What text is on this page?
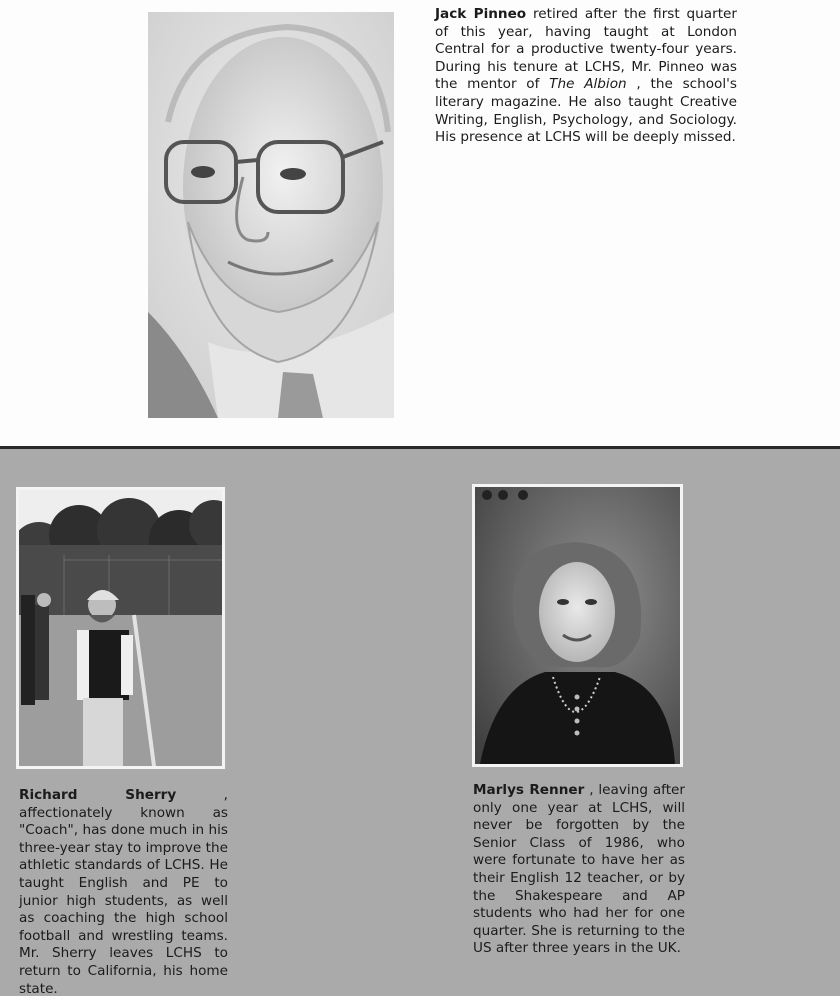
Jack Pinneo retired after the first quarter of this year, having taught at London Central for a productive twenty-four years. During his tenure at LCHS, Mr. Pinneo was the mentor of The Albion , the school's literary magazine. He also taught Creative Writing, English, Psychology, and Sociology. His presence at LCHS will be deeply missed.

Richard Sherry , affectionately known as "Coach", has done much in his three-year stay to improve the athletic standards of LCHS. He taught English and PE to junior high students, as well as coaching the high school football and wrestling teams. Mr. Sherry leaves LCHS to return to California, his home state.

Marlys Renner , leaving after only one year at LCHS, will never be forgotten by the Senior Class of 1986, who were fortunate to have her as their English 12 teacher, or by the Shakespeare and AP students who had her for one quarter. She is returning to the US after three years in the UK.
